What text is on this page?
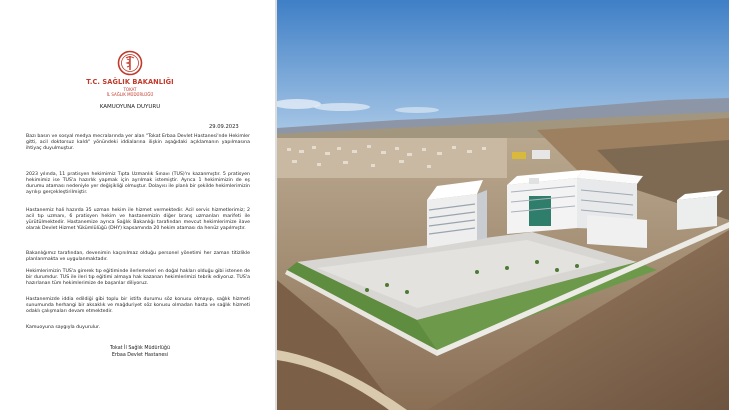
T.C. SAĞLIK BAKANLIĞI
TOKAT
İL SAĞLIK MÜDÜRLÜĞÜ
KAMUOYUNA DUYURU
29.09.2023
Bazı basın ve sosyal medya mecralarında yer alan "Tokat Erbaa Devlet Hastanesi'nde Hekimler gitti, acil doktorsuz kaldı" yönündeki iddialarına ilişkin aşağıdaki açıklamanın yapılmasına ihtiyaç duyulmuştur.
2023 yılında, 11 pratisyen hekimimiz Tıpta Uzmanlık Sınavı (TUS)'nı kazanmıştır. 5 pratisyen hekimimiz ise TUS'a hazırlık yapmak için ayrılmak istemiştir. Ayrıca 1 hekimimizin de eş durumu ataması nedeniyle yer değişikliği olmuştur. Dolayısı ile planlı bir şekilde hekimlerimizin ayrılışı gerçekleştirilmiştir.
Hastanemiz hali hazırda 35 uzman hekim ile hizmet vermektedir. Acil servis hizmetlerimiz; 2 acil tıp uzmanı, 6 pratisyen hekim ve hastanemizin diğer branş uzmanları marifeti ile yürütülmektedir. Hastanemize ayrıca Sağlık Bakanlığı tarafından mevcut hekimlerimize ilave olarak Devlet Hizmet Yükümlülüğü (DHY) kapsamında 20 hekim ataması da henüz yapılmıştır.
Bakanlığımız tarafından, devenimin kaçınılmaz olduğu personel yönetimi her zaman titizlikle planlanmakta ve uygulanmaktadır.
Hekimlerimizin TUS'a girerek tıp eğitiminde ilerlemeleri en doğal hakları olduğu gibi istenen de bir durumdur. TUS ile ileri tıp eğitimi almaya hak kazanan hekimlerimizi tebrik ediyoruz. TUS'a hazırlanan tüm hekimlerimize de başarılar diliyoruz.
Hastanemizde iddia edildiği gibi toplu bir istifa durumu söz konusu olmayıp, sağlık hizmeti sunumunda herhangi bir aksaklık ve mağduriyet söz konusu olmadan hasta ve sağlık hizmeti odaklı çalışmaları devam etmektedir.
Kamuoyuna saygıyla duyurulur.
Tokat İl Sağlık Müdürlüğü
Erbaa Devlet Hastanesi
